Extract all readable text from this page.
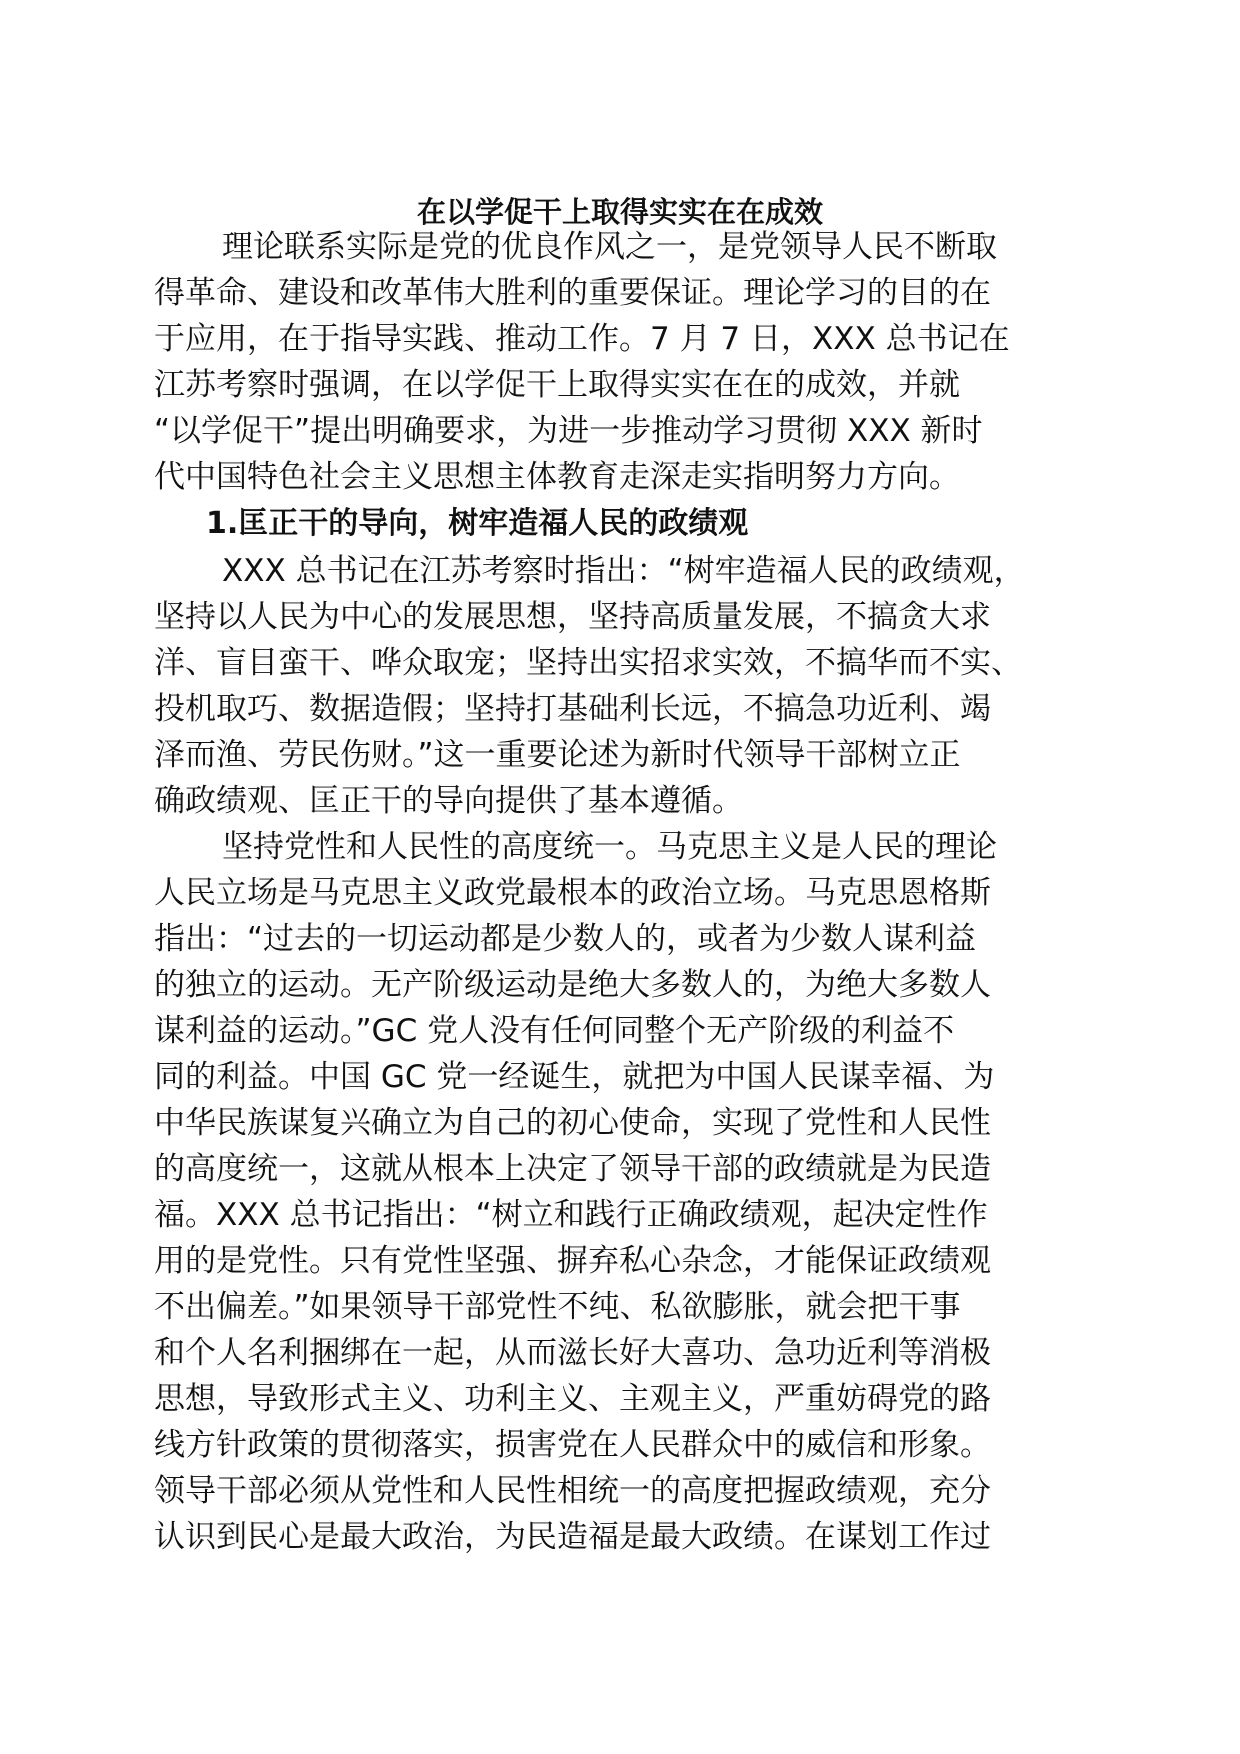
在以学促干上取得实实在在成效
理论联系实际是党的优良作风之一，是党领导人民不断取
得革命、建设和改革伟大胜利的重要保证。理论学习的目的在
于应用，在于指导实践、推动工作。7 月 7 日，XXX 总书记在
江苏考察时强调，在以学促干上取得实实在在的成效，并就
“以学促干”提出明确要求，为进一步推动学习贯彻 XXX 新时
代中国特色社会主义思想主体教育走深走实指明努力方向。
1.匡正干的导向，树牢造福人民的政绩观
XXX 总书记在江苏考察时指出：“树牢造福人民的政绩观，
坚持以人民为中心的发展思想，坚持高质量发展，不搞贪大求
洋、盲目蛮干、哗众取宠；坚持出实招求实效，不搞华而不实、
投机取巧、数据造假；坚持打基础利长远，不搞急功近利、竭
泽而渔、劳民伤财。”这一重要论述为新时代领导干部树立正
确政绩观、匡正干的导向提供了基本遵循。
坚持党性和人民性的高度统一。马克思主义是人民的理论
人民立场是马克思主义政党最根本的政治立场。马克思恩格斯
指出：“过去的一切运动都是少数人的，或者为少数人谋利益
的独立的运动。无产阶级运动是绝大多数人的，为绝大多数人
谋利益的运动。”GC 党人没有任何同整个无产阶级的利益不
同的利益。中国 GC 党一经诞生，就把为中国人民谋幸福、为
中华民族谋复兴确立为自己的初心使命，实现了党性和人民性
的高度统一，这就从根本上决定了领导干部的政绩就是为民造
福。XXX 总书记指出：“树立和践行正确政绩观，起决定性作
用的是党性。只有党性坚强、摒弃私心杂念，才能保证政绩观
不出偏差。”如果领导干部党性不纯、私欲膨胀，就会把干事
和个人名利捆绑在一起，从而滋长好大喜功、急功近利等消极
思想，导致形式主义、功利主义、主观主义，严重妨碍党的路
线方针政策的贯彻落实，损害党在人民群众中的威信和形象。
领导干部必须从党性和人民性相统一的高度把握政绩观，充分
认识到民心是最大政治，为民造福是最大政绩。在谋划工作过
